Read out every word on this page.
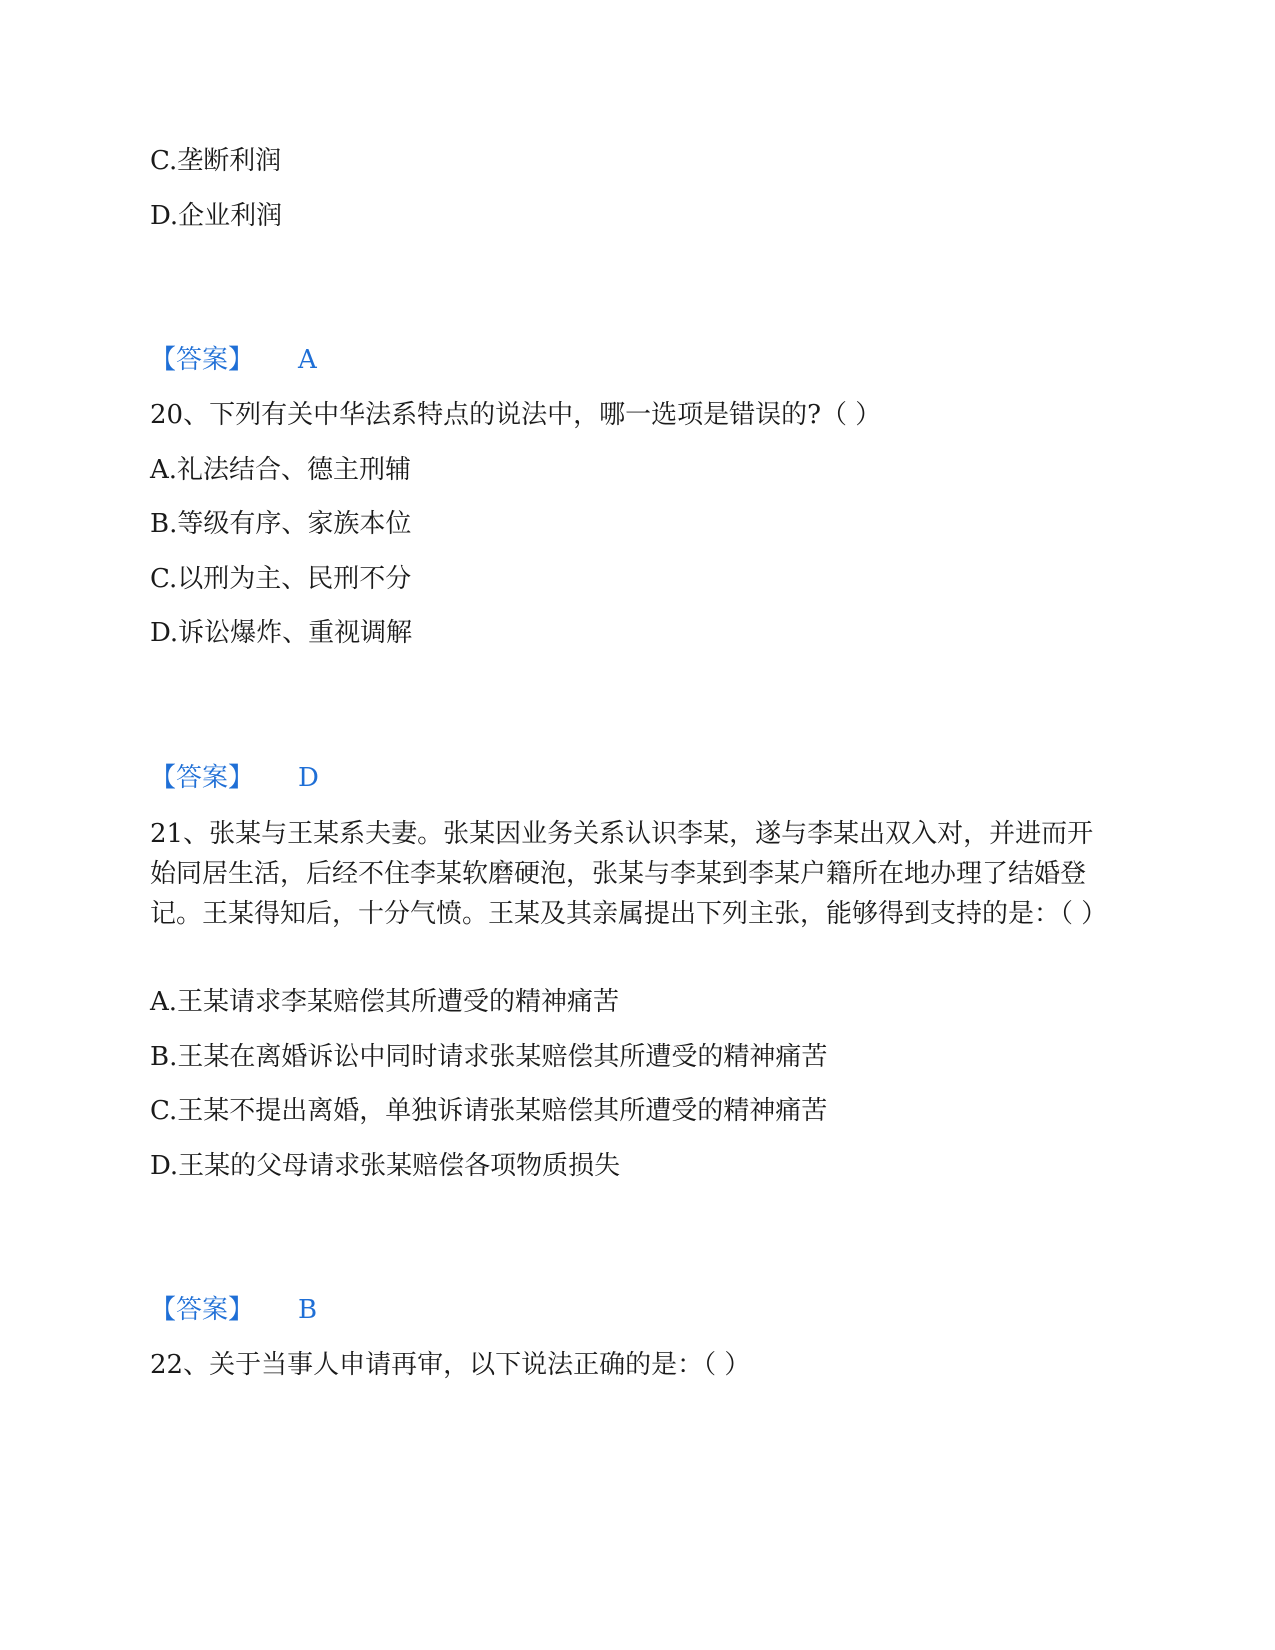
C.垄断利润
D.企业利润
【答案】 A
20、下列有关中华法系特点的说法中，哪一选项是错误的?（ ）
A.礼法结合、德主刑辅
B.等级有序、家族本位
C.以刑为主、民刑不分
D.诉讼爆炸、重视调解
【答案】 D
21、张某与王某系夫妻。张某因业务关系认识李某，遂与李某出双入对，并进而开始同居生活，后经不住李某软磨硬泡，张某与李某到李某户籍所在地办理了结婚登记。王某得知后，十分气愤。王某及其亲属提出下列主张，能够得到支持的是：（ ）
A.王某请求李某赔偿其所遭受的精神痛苦
B.王某在离婚诉讼中同时请求张某赔偿其所遭受的精神痛苦
C.王某不提出离婚，单独诉请张某赔偿其所遭受的精神痛苦
D.王某的父母请求张某赔偿各项物质损失
【答案】 B
22、关于当事人申请再审，以下说法正确的是：（ ）
